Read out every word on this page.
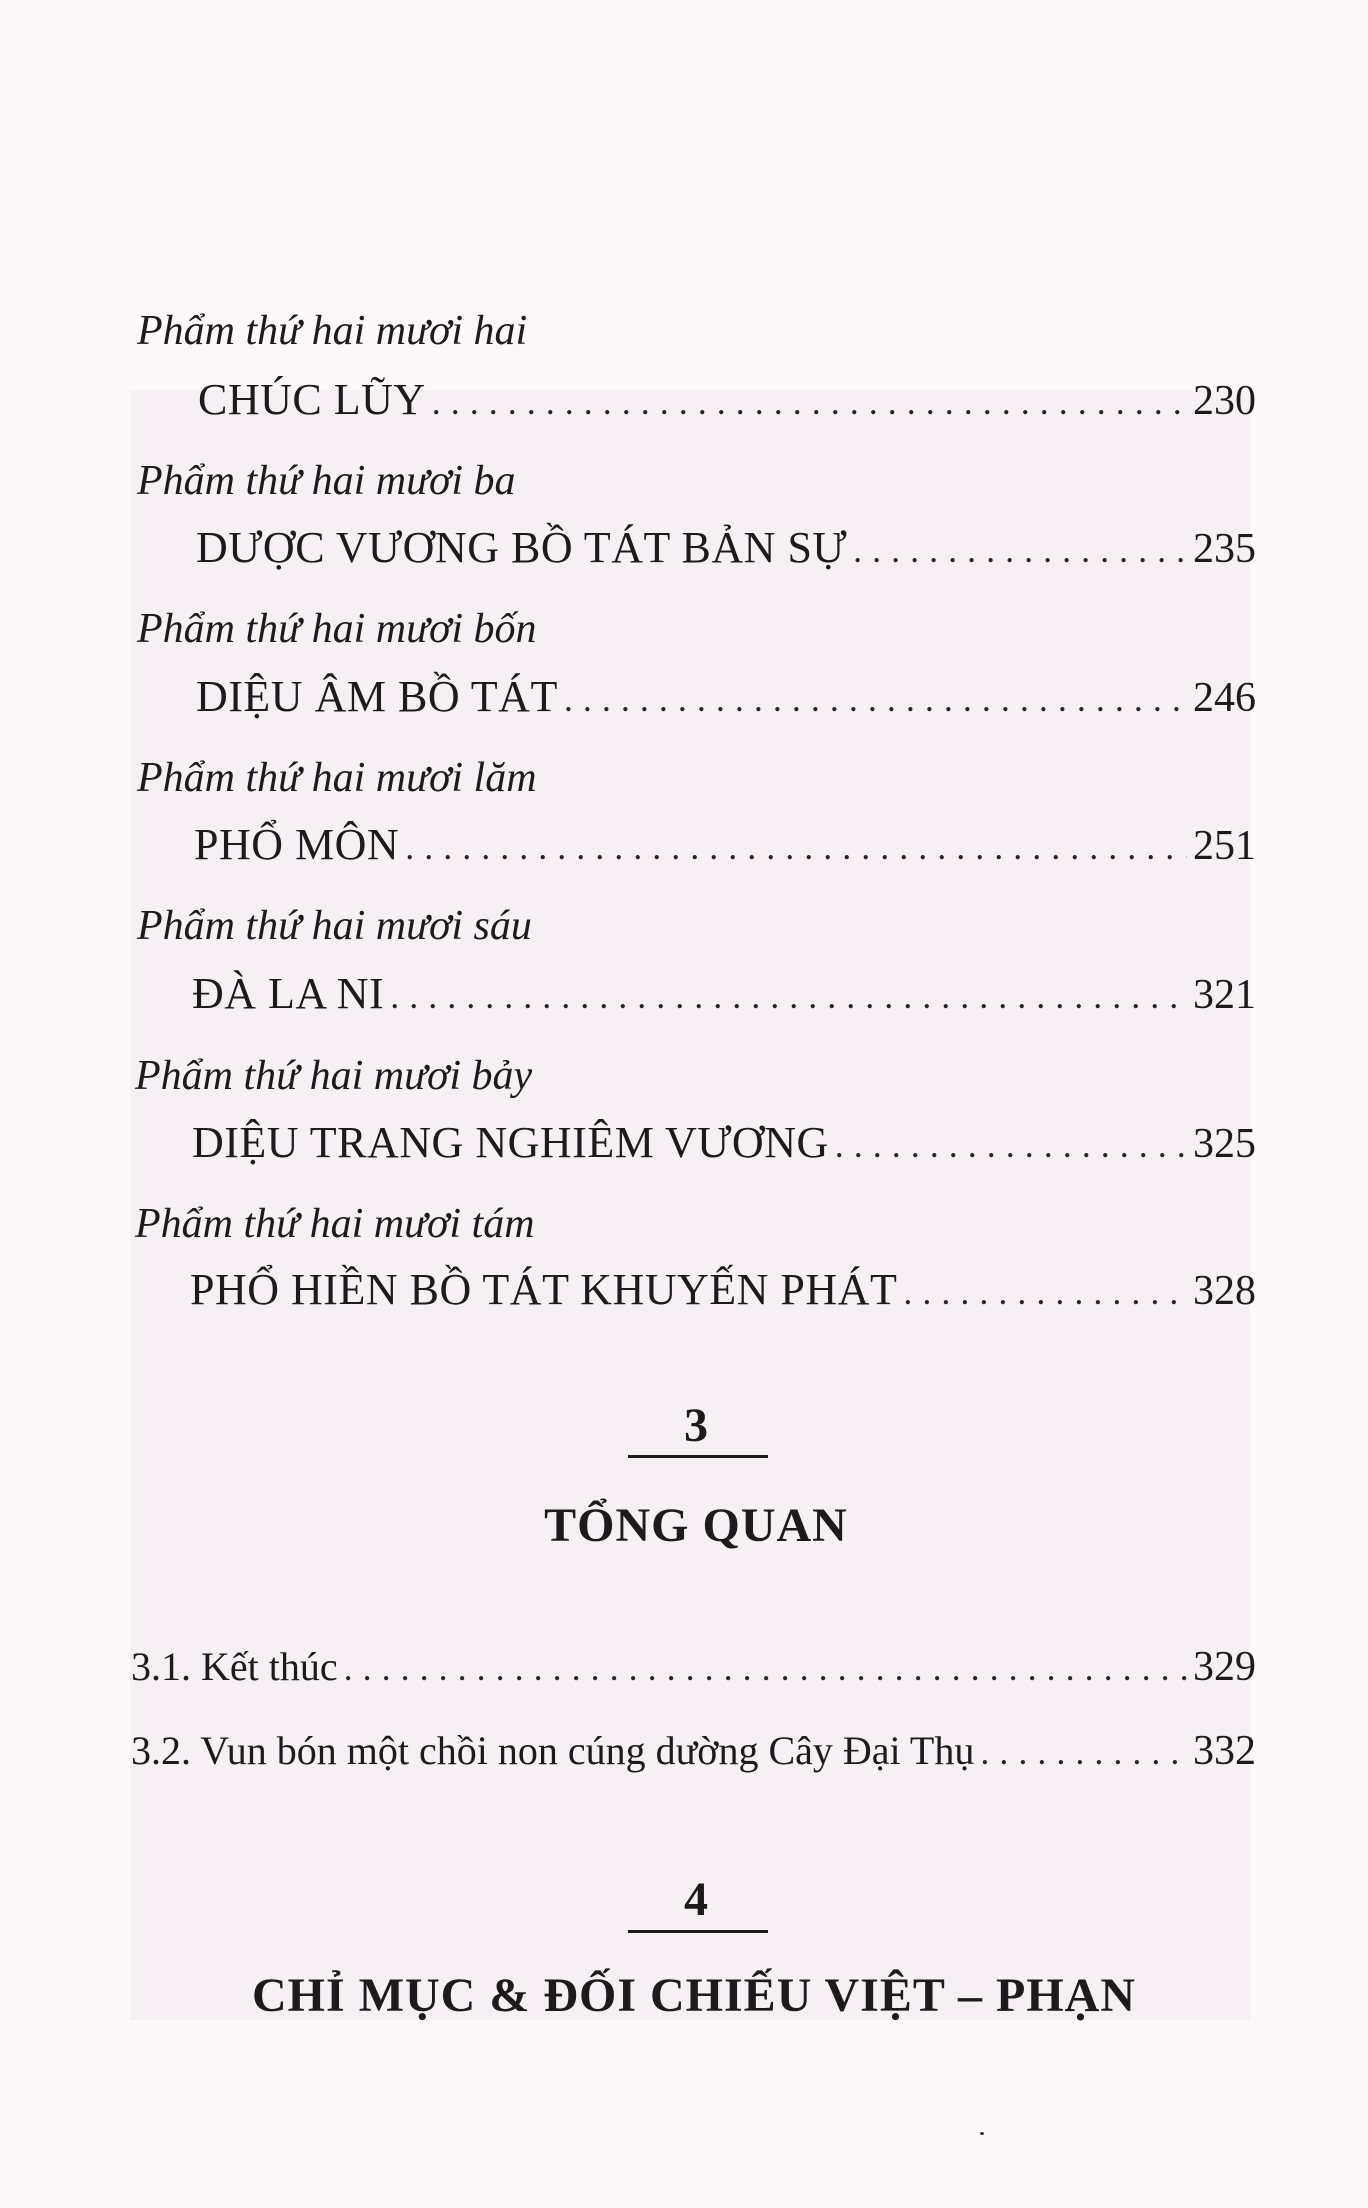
Phẩm thứ hai mươi hai
CHÚC LŨY .....	230
Phẩm thứ hai mươi ba
DƯỢC VƯƠNG BỒ TÁT BẢN SỰ .....	235
Phẩm thứ hai mươi bốn
DIỆU ÂM BỒ TÁT .....	246
Phẩm thứ hai mươi lăm
PHỔ MÔN .....	251
Phẩm thứ hai mươi sáu
ĐÀ LA NI .....	321
Phẩm thứ hai mươi bảy
DIỆU TRANG NGHIÊM VƯƠNG .....	325
Phẩm thứ hai mươi tám
PHỔ HIỀN BỒ TÁT KHUYẾN PHÁT .....	328
3
TỔNG QUAN
3.1. Kết thúc .....	329
3.2. Vun bón một chồi non cúng dường Cây Đại Thụ .....	332
4
CHỈ MỤC & ĐỐI CHIẾU VIỆT – PHẠN
